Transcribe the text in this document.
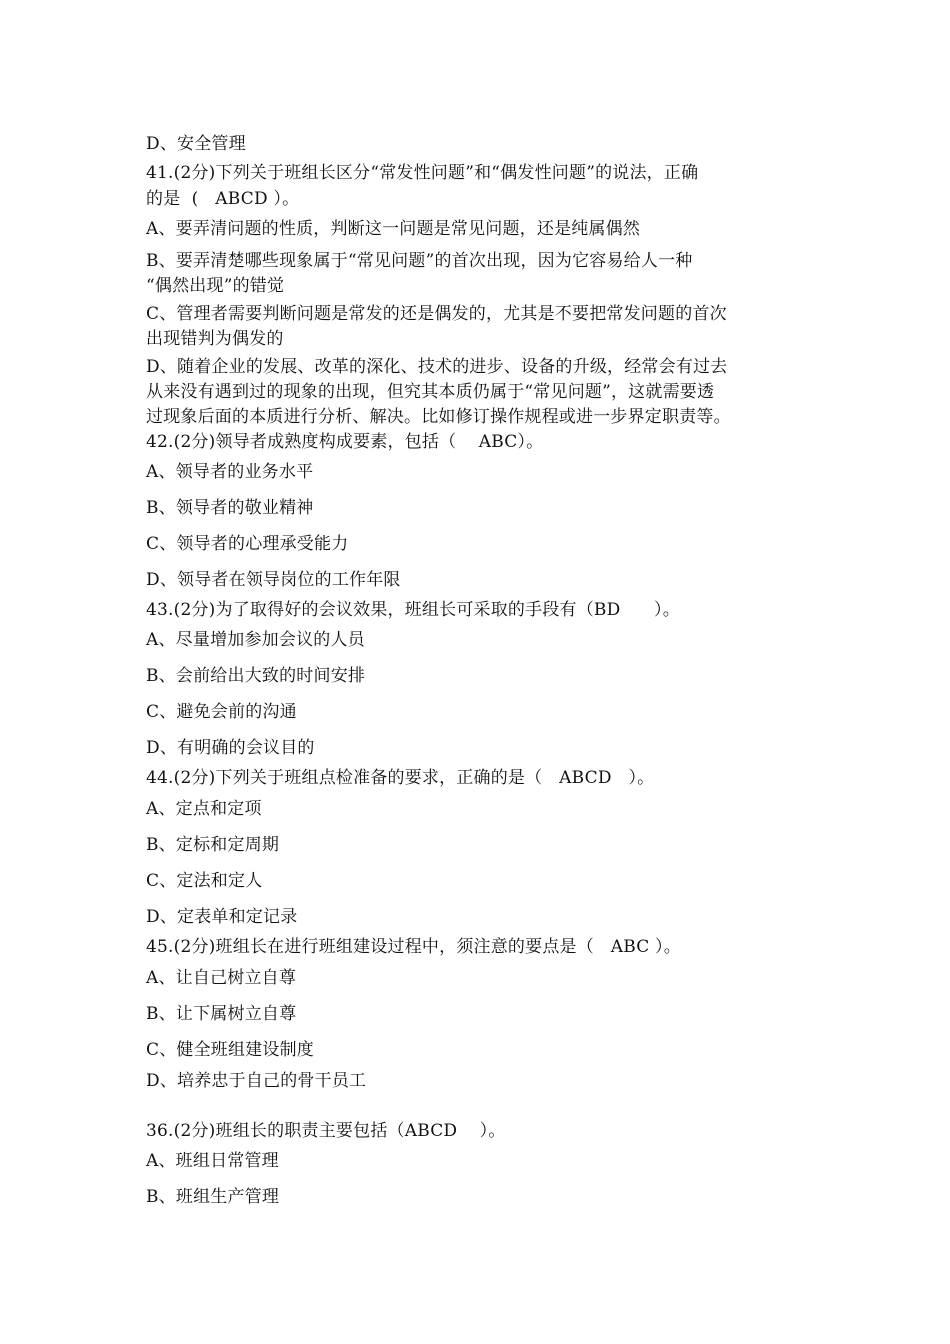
D、安全管理
41.(2分)下列关于班组长区分“常发性问题”和“偶发性问题”的说法，正确
的是  (   ABCD ）。
A、要弄清问题的性质，判断这一问题是常见问题，还是纯属偶然
B、要弄清楚哪些现象属于“常见问题”的首次出现，因为它容易给人一种
“偶然出现”的错觉
C、管理者需要判断问题是常发的还是偶发的，尤其是不要把常发问题的首次
出现错判为偶发的
D、随着企业的发展、改革的深化、技术的进步、设备的升级，经常会有过去
从来没有遇到过的现象的出现，但究其本质仍属于“常见问题”，这就需要透
过现象后面的本质进行分析、解决。比如修订操作规程或进一步界定职责等。
42.(2分)领导者成熟度构成要素，包括（    ABC）。
A、领导者的业务水平
B、领导者的敬业精神
C、领导者的心理承受能力
D、领导者在领导岗位的工作年限
43.(2分)为了取得好的会议效果，班组长可采取的手段有（BD      ）。
A、尽量增加参加会议的人员
B、会前给出大致的时间安排
C、避免会前的沟通
D、有明确的会议目的
44.(2分)下列关于班组点检准备的要求，正确的是（   ABCD   ）。
A、定点和定项
B、定标和定周期
C、定法和定人
D、定表单和定记录
45.(2分)班组长在进行班组建设过程中，须注意的要点是（   ABC ）。
A、让自己树立自尊
B、让下属树立自尊
C、健全班组建设制度
D、培养忠于自己的骨干员工
36.(2分)班组长的职责主要包括（ABCD    ）。
A、班组日常管理
B、班组生产管理
